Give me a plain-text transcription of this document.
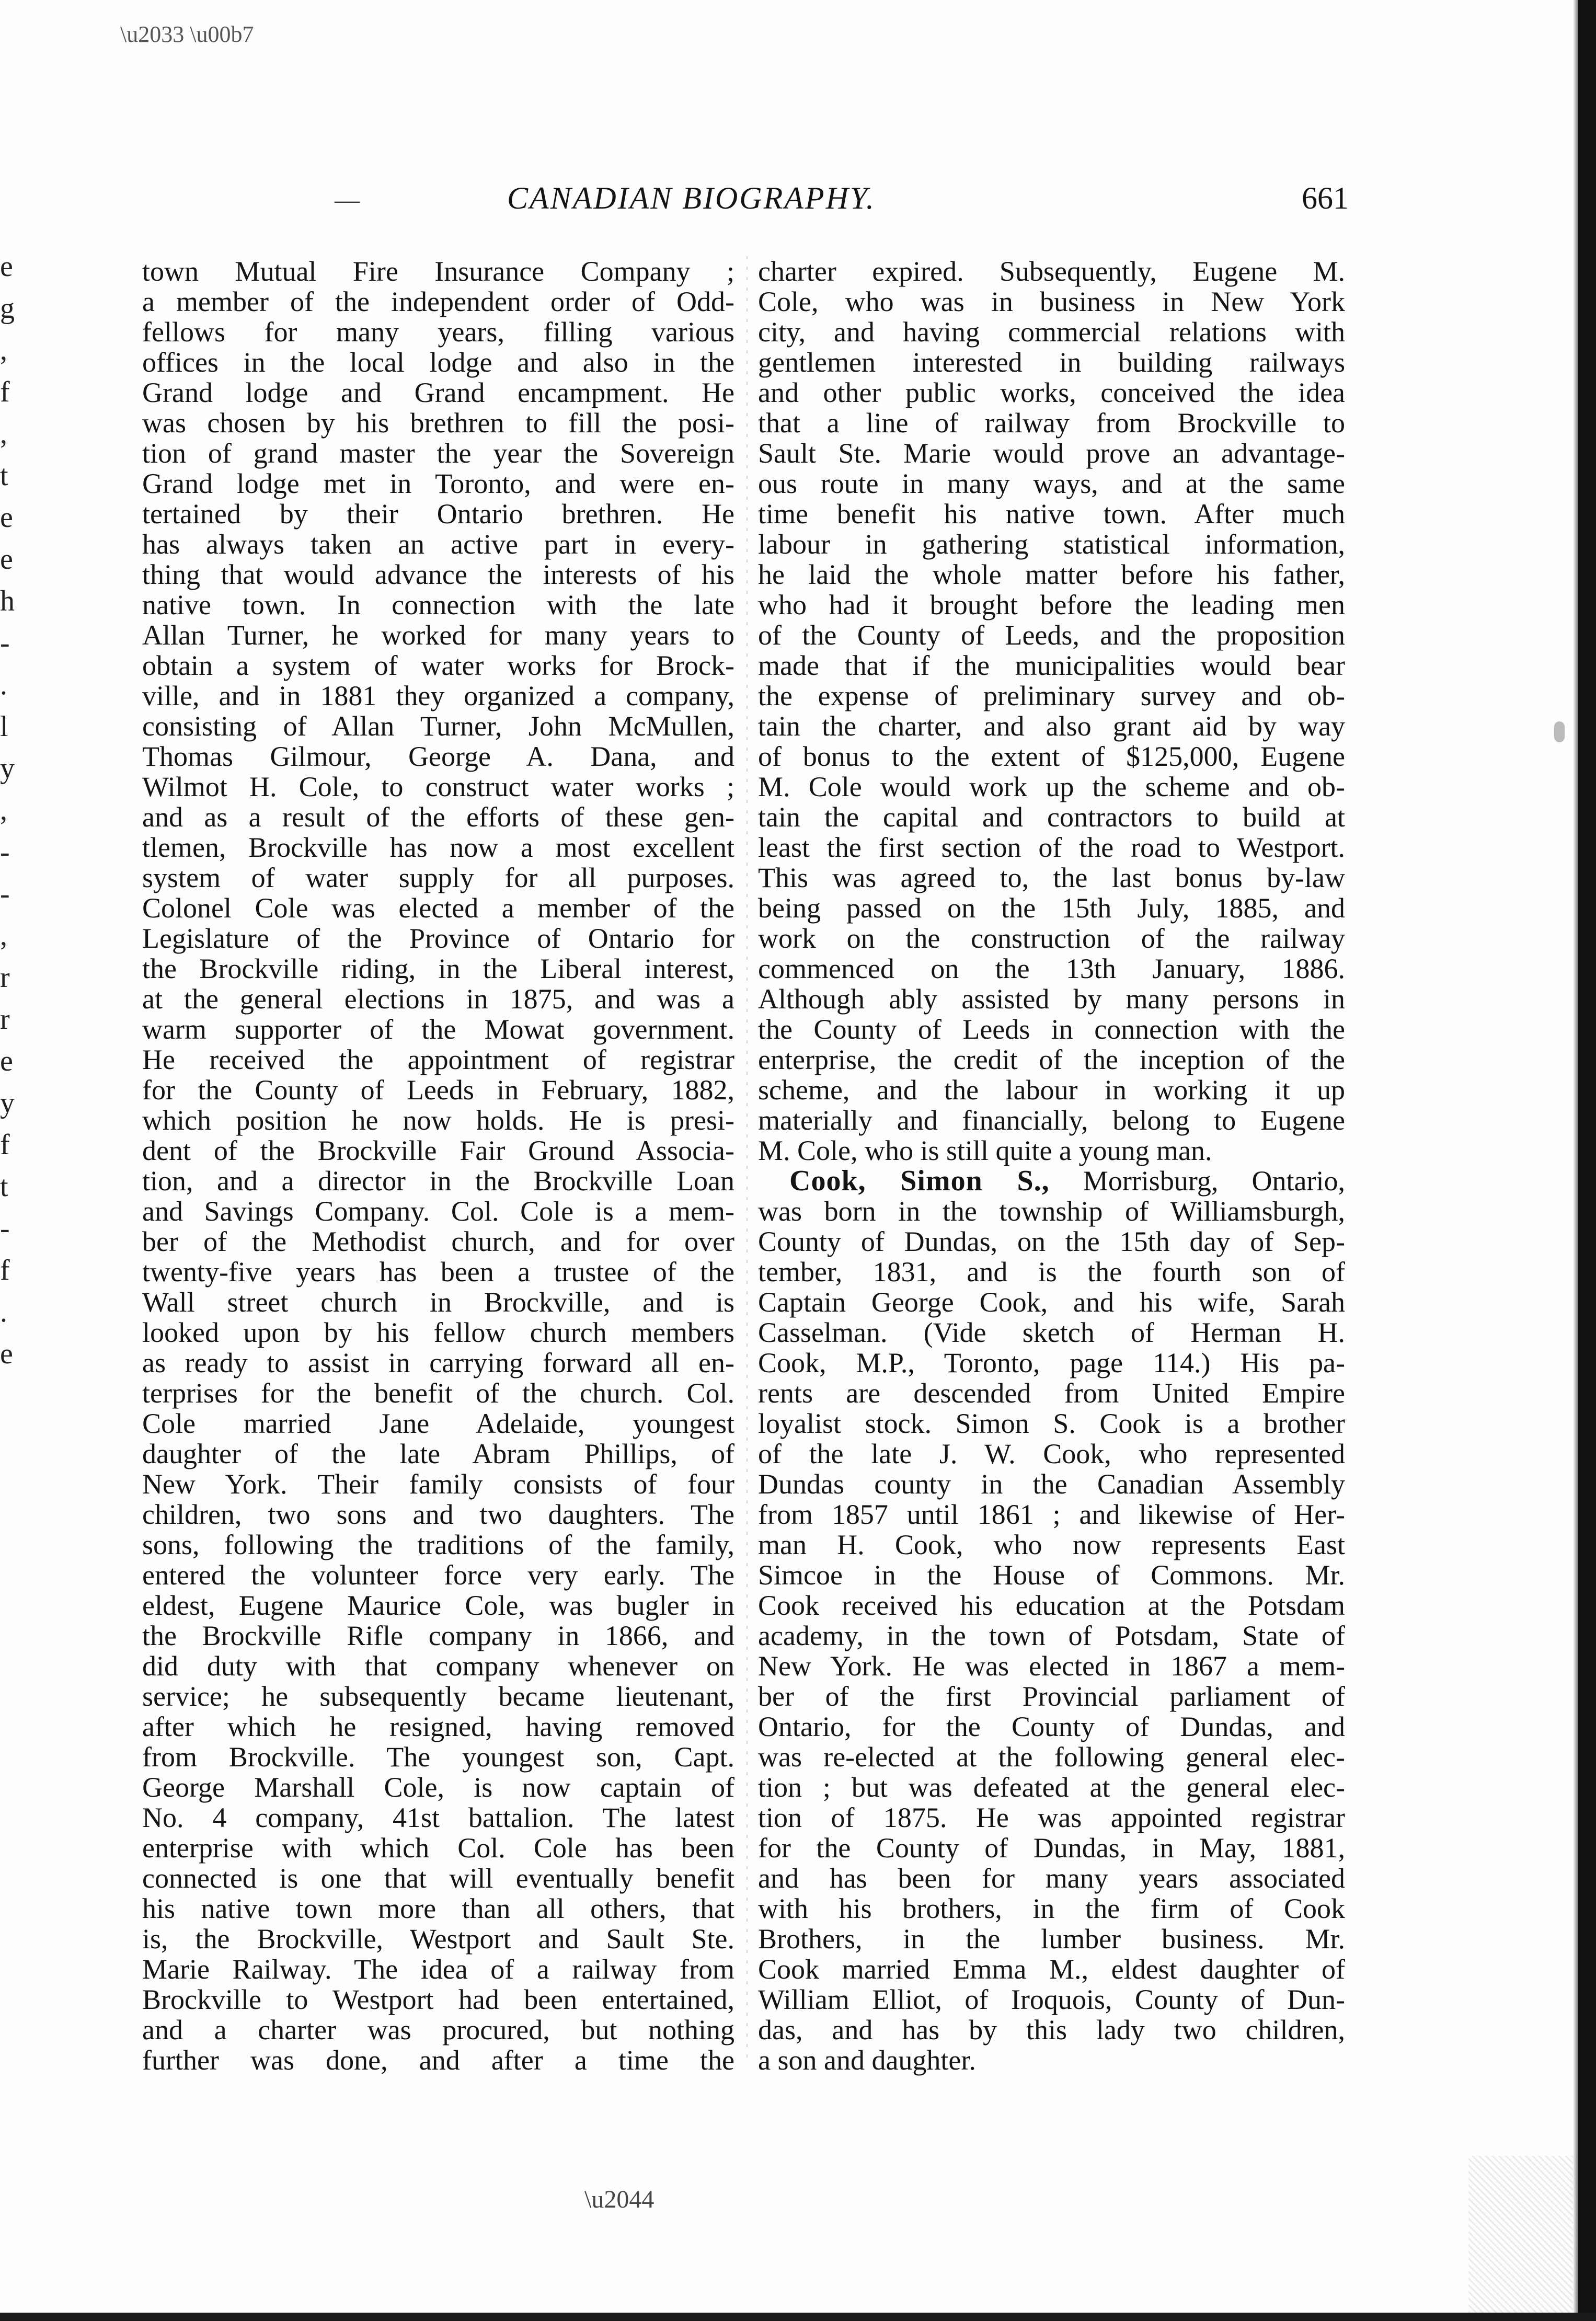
\u2033 \u00b7
e
g
,
f
,
t
e
e
h
-
.
l
y
,
-
-
,
r
r
e
y
f
t
-
f
.
e
—	CANADIAN BIOGRAPHY.	661
town Mutual Fire Insurance Company ;
a member of the independent order of Odd-
fellows for many years, filling various
offices in the local lodge and also in the
Grand lodge and Grand encampment. He
was chosen by his brethren to fill the posi-
tion of grand master the year the Sovereign
Grand lodge met in Toronto, and were en-
tertained by their Ontario brethren. He
has always taken an active part in every-
thing that would advance the interests of his
native town. In connection with the late
Allan Turner, he worked for many years to
obtain a system of water works for Brock-
ville, and in 1881 they organized a company,
consisting of Allan Turner, John McMullen,
Thomas Gilmour, George A. Dana, and
Wilmot H. Cole, to construct water works ;
and as a result of the efforts of these gen-
tlemen, Brockville has now a most excellent
system of water supply for all purposes.
Colonel Cole was elected a member of the
Legislature of the Province of Ontario for
the Brockville riding, in the Liberal interest,
at the general elections in 1875, and was a
warm supporter of the Mowat government.
He received the appointment of registrar
for the County of Leeds in February, 1882,
which position he now holds. He is presi-
dent of the Brockville Fair Ground Associa-
tion, and a director in the Brockville Loan
and Savings Company. Col. Cole is a mem-
ber of the Methodist church, and for over
twenty-five years has been a trustee of the
Wall street church in Brockville, and is
looked upon by his fellow church members
as ready to assist in carrying forward all en-
terprises for the benefit of the church. Col.
Cole married Jane Adelaide, youngest
daughter of the late Abram Phillips, of
New York. Their family consists of four
children, two sons and two daughters. The
sons, following the traditions of the family,
entered the volunteer force very early. The
eldest, Eugene Maurice Cole, was bugler in
the Brockville Rifle company in 1866, and
did duty with that company whenever on
service; he subsequently became lieutenant,
after which he resigned, having removed
from Brockville. The youngest son, Capt.
George Marshall Cole, is now captain of
No. 4 company, 41st battalion. The latest
enterprise with which Col. Cole has been
connected is one that will eventually benefit
his native town more than all others, that
is, the Brockville, Westport and Sault Ste.
Marie Railway. The idea of a railway from
Brockville to Westport had been entertained,
and a charter was procured, but nothing
further was done, and after a time the
charter expired. Subsequently, Eugene M.
Cole, who was in business in New York
city, and having commercial relations with
gentlemen interested in building railways
and other public works, conceived the idea
that a line of railway from Brockville to
Sault Ste. Marie would prove an advantage-
ous route in many ways, and at the same
time benefit his native town. After much
labour in gathering statistical information,
he laid the whole matter before his father,
who had it brought before the leading men
of the County of Leeds, and the proposition
made that if the municipalities would bear
the expense of preliminary survey and ob-
tain the charter, and also grant aid by way
of bonus to the extent of $125,000, Eugene
M. Cole would work up the scheme and ob-
tain the capital and contractors to build at
least the first section of the road to Westport.
This was agreed to, the last bonus by-law
being passed on the 15th July, 1885, and
work on the construction of the railway
commenced on the 13th January, 1886.
Although ably assisted by many persons in
the County of Leeds in connection with the
enterprise, the credit of the inception of the
scheme, and the labour in working it up
materially and financially, belong to Eugene
M. Cole, who is still quite a young man.
Cook, Simon S., Morrisburg, Ontario,
was born in the township of Williamsburgh,
County of Dundas, on the 15th day of Sep-
tember, 1831, and is the fourth son of
Captain George Cook, and his wife, Sarah
Casselman. (Vide sketch of Herman H.
Cook, M.P., Toronto, page 114.) His pa-
rents are descended from United Empire
loyalist stock. Simon S. Cook is a brother
of the late J. W. Cook, who represented
Dundas county in the Canadian Assembly
from 1857 until 1861 ; and likewise of Her-
man H. Cook, who now represents East
Simcoe in the House of Commons. Mr.
Cook received his education at the Potsdam
academy, in the town of Potsdam, State of
New York. He was elected in 1867 a mem-
ber of the first Provincial parliament of
Ontario, for the County of Dundas, and
was re-elected at the following general elec-
tion ; but was defeated at the general elec-
tion of 1875. He was appointed registrar
for the County of Dundas, in May, 1881,
and has been for many years associated
with his brothers, in the firm of Cook
Brothers, in the lumber business. Mr.
Cook married Emma M., eldest daughter of
William Elliot, of Iroquois, County of Dun-
das, and has by this lady two children,
a son and daughter.
\u2044
